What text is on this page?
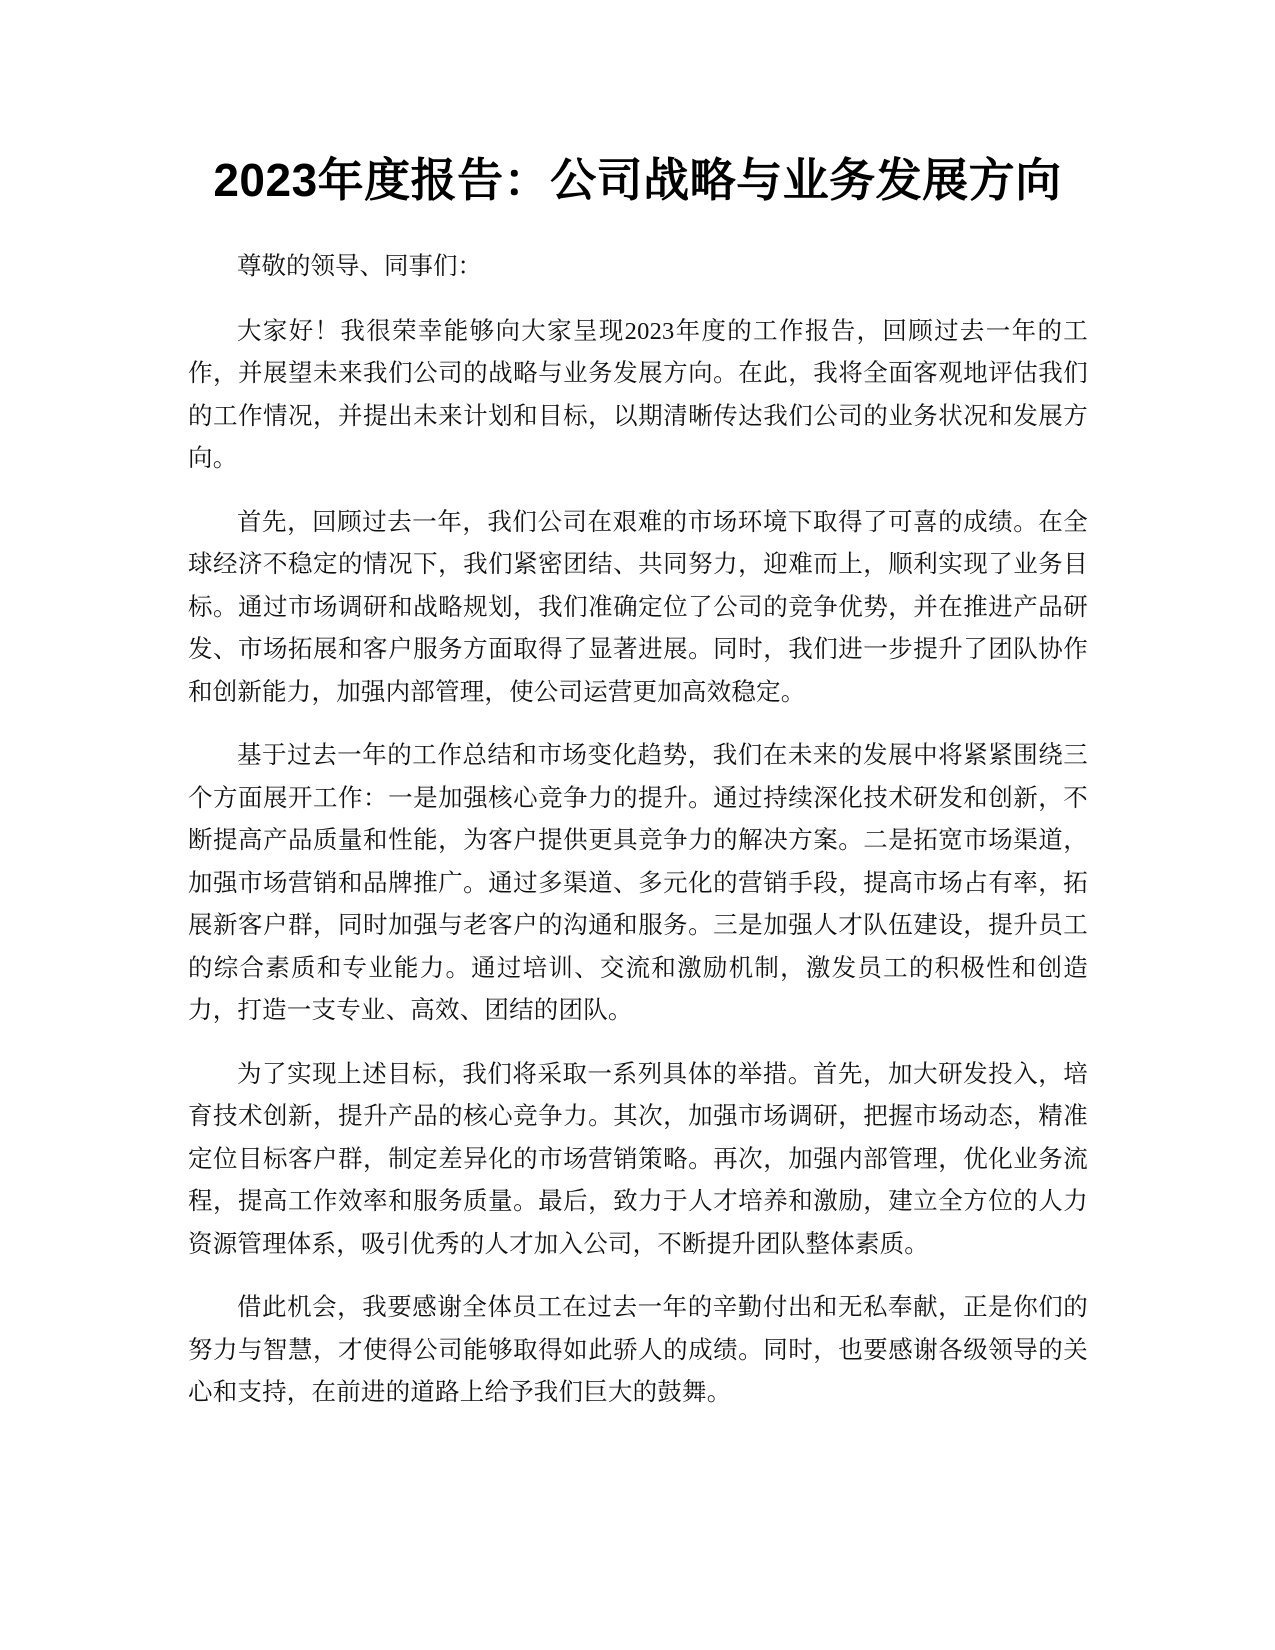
2023年度报告：公司战略与业务发展方向

尊敬的领导、同事们：

大家好！我很荣幸能够向大家呈现2023年度的工作报告，回顾过去一年的工作，并展望未来我们公司的战略与业务发展方向。在此，我将全面客观地评估我们的工作情况，并提出未来计划和目标，以期清晰传达我们公司的业务状况和发展方向。

首先，回顾过去一年，我们公司在艰难的市场环境下取得了可喜的成绩。在全球经济不稳定的情况下，我们紧密团结、共同努力，迎难而上，顺利实现了业务目标。通过市场调研和战略规划，我们准确定位了公司的竞争优势，并在推进产品研发、市场拓展和客户服务方面取得了显著进展。同时，我们进一步提升了团队协作和创新能力，加强内部管理，使公司运营更加高效稳定。

基于过去一年的工作总结和市场变化趋势，我们在未来的发展中将紧紧围绕三个方面展开工作：一是加强核心竞争力的提升。通过持续深化技术研发和创新，不断提高产品质量和性能，为客户提供更具竞争力的解决方案。二是拓宽市场渠道，加强市场营销和品牌推广。通过多渠道、多元化的营销手段，提高市场占有率，拓展新客户群，同时加强与老客户的沟通和服务。三是加强人才队伍建设，提升员工的综合素质和专业能力。通过培训、交流和激励机制，激发员工的积极性和创造力，打造一支专业、高效、团结的团队。

为了实现上述目标，我们将采取一系列具体的举措。首先，加大研发投入，培育技术创新，提升产品的核心竞争力。其次，加强市场调研，把握市场动态，精准定位目标客户群，制定差异化的市场营销策略。再次，加强内部管理，优化业务流程，提高工作效率和服务质量。最后，致力于人才培养和激励，建立全方位的人力资源管理体系，吸引优秀的人才加入公司，不断提升团队整体素质。

借此机会，我要感谢全体员工在过去一年的辛勤付出和无私奉献，正是你们的努力与智慧，才使得公司能够取得如此骄人的成绩。同时，也要感谢各级领导的关心和支持，在前进的道路上给予我们巨大的鼓舞。
